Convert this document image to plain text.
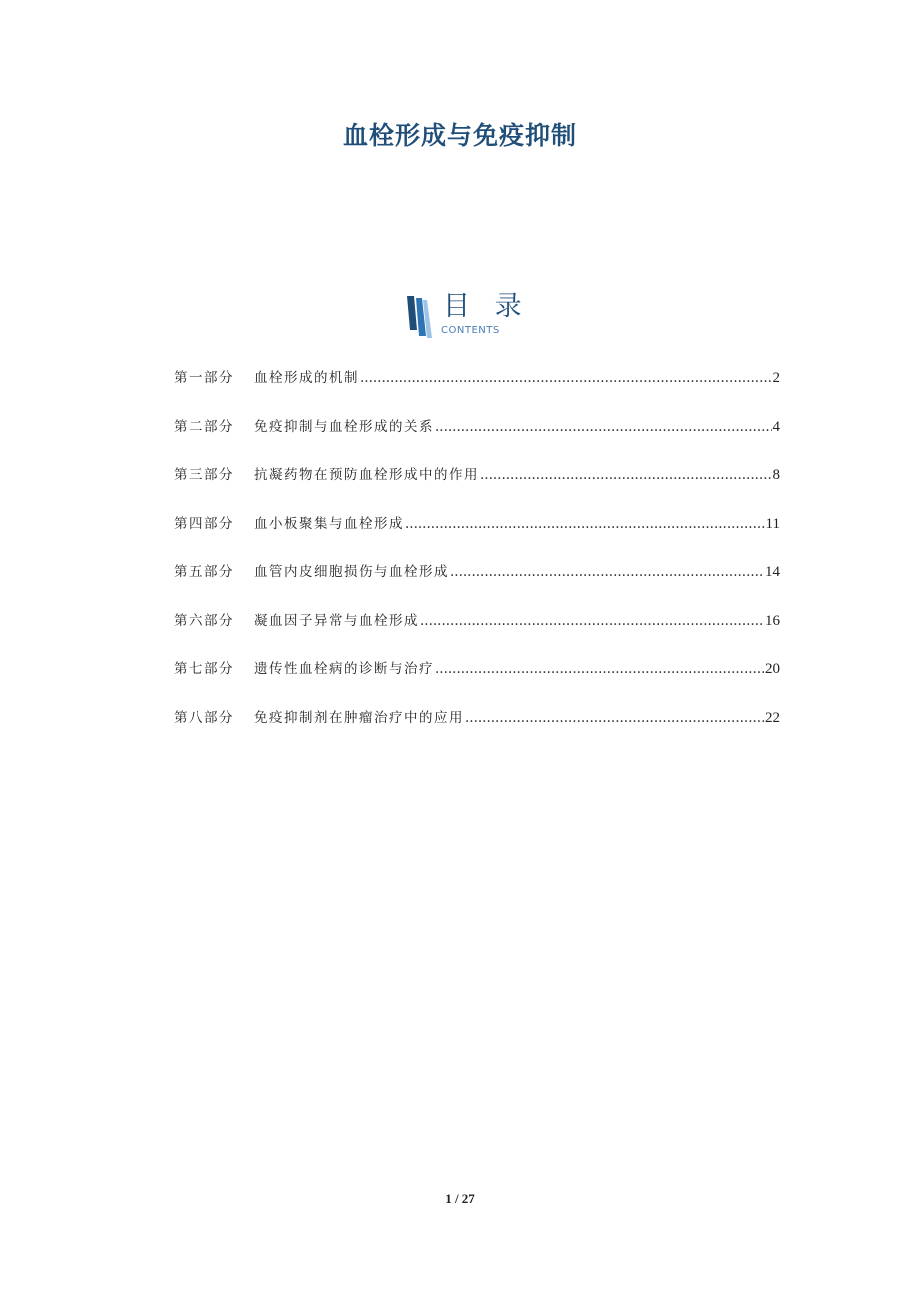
血栓形成与免疫抑制
目 录
CONTENTS
第一部分	血栓形成的机制 .....	2
第二部分	免疫抑制与血栓形成的关系 .....	4
第三部分	抗凝药物在预防血栓形成中的作用 .....	8
第四部分	血小板聚集与血栓形成 .....	11
第五部分	血管内皮细胞损伤与血栓形成 .....	14
第六部分	凝血因子异常与血栓形成 .....	16
第七部分	遗传性血栓病的诊断与治疗 .....	20
第八部分	免疫抑制剂在肿瘤治疗中的应用 .....	22
1 / 27
